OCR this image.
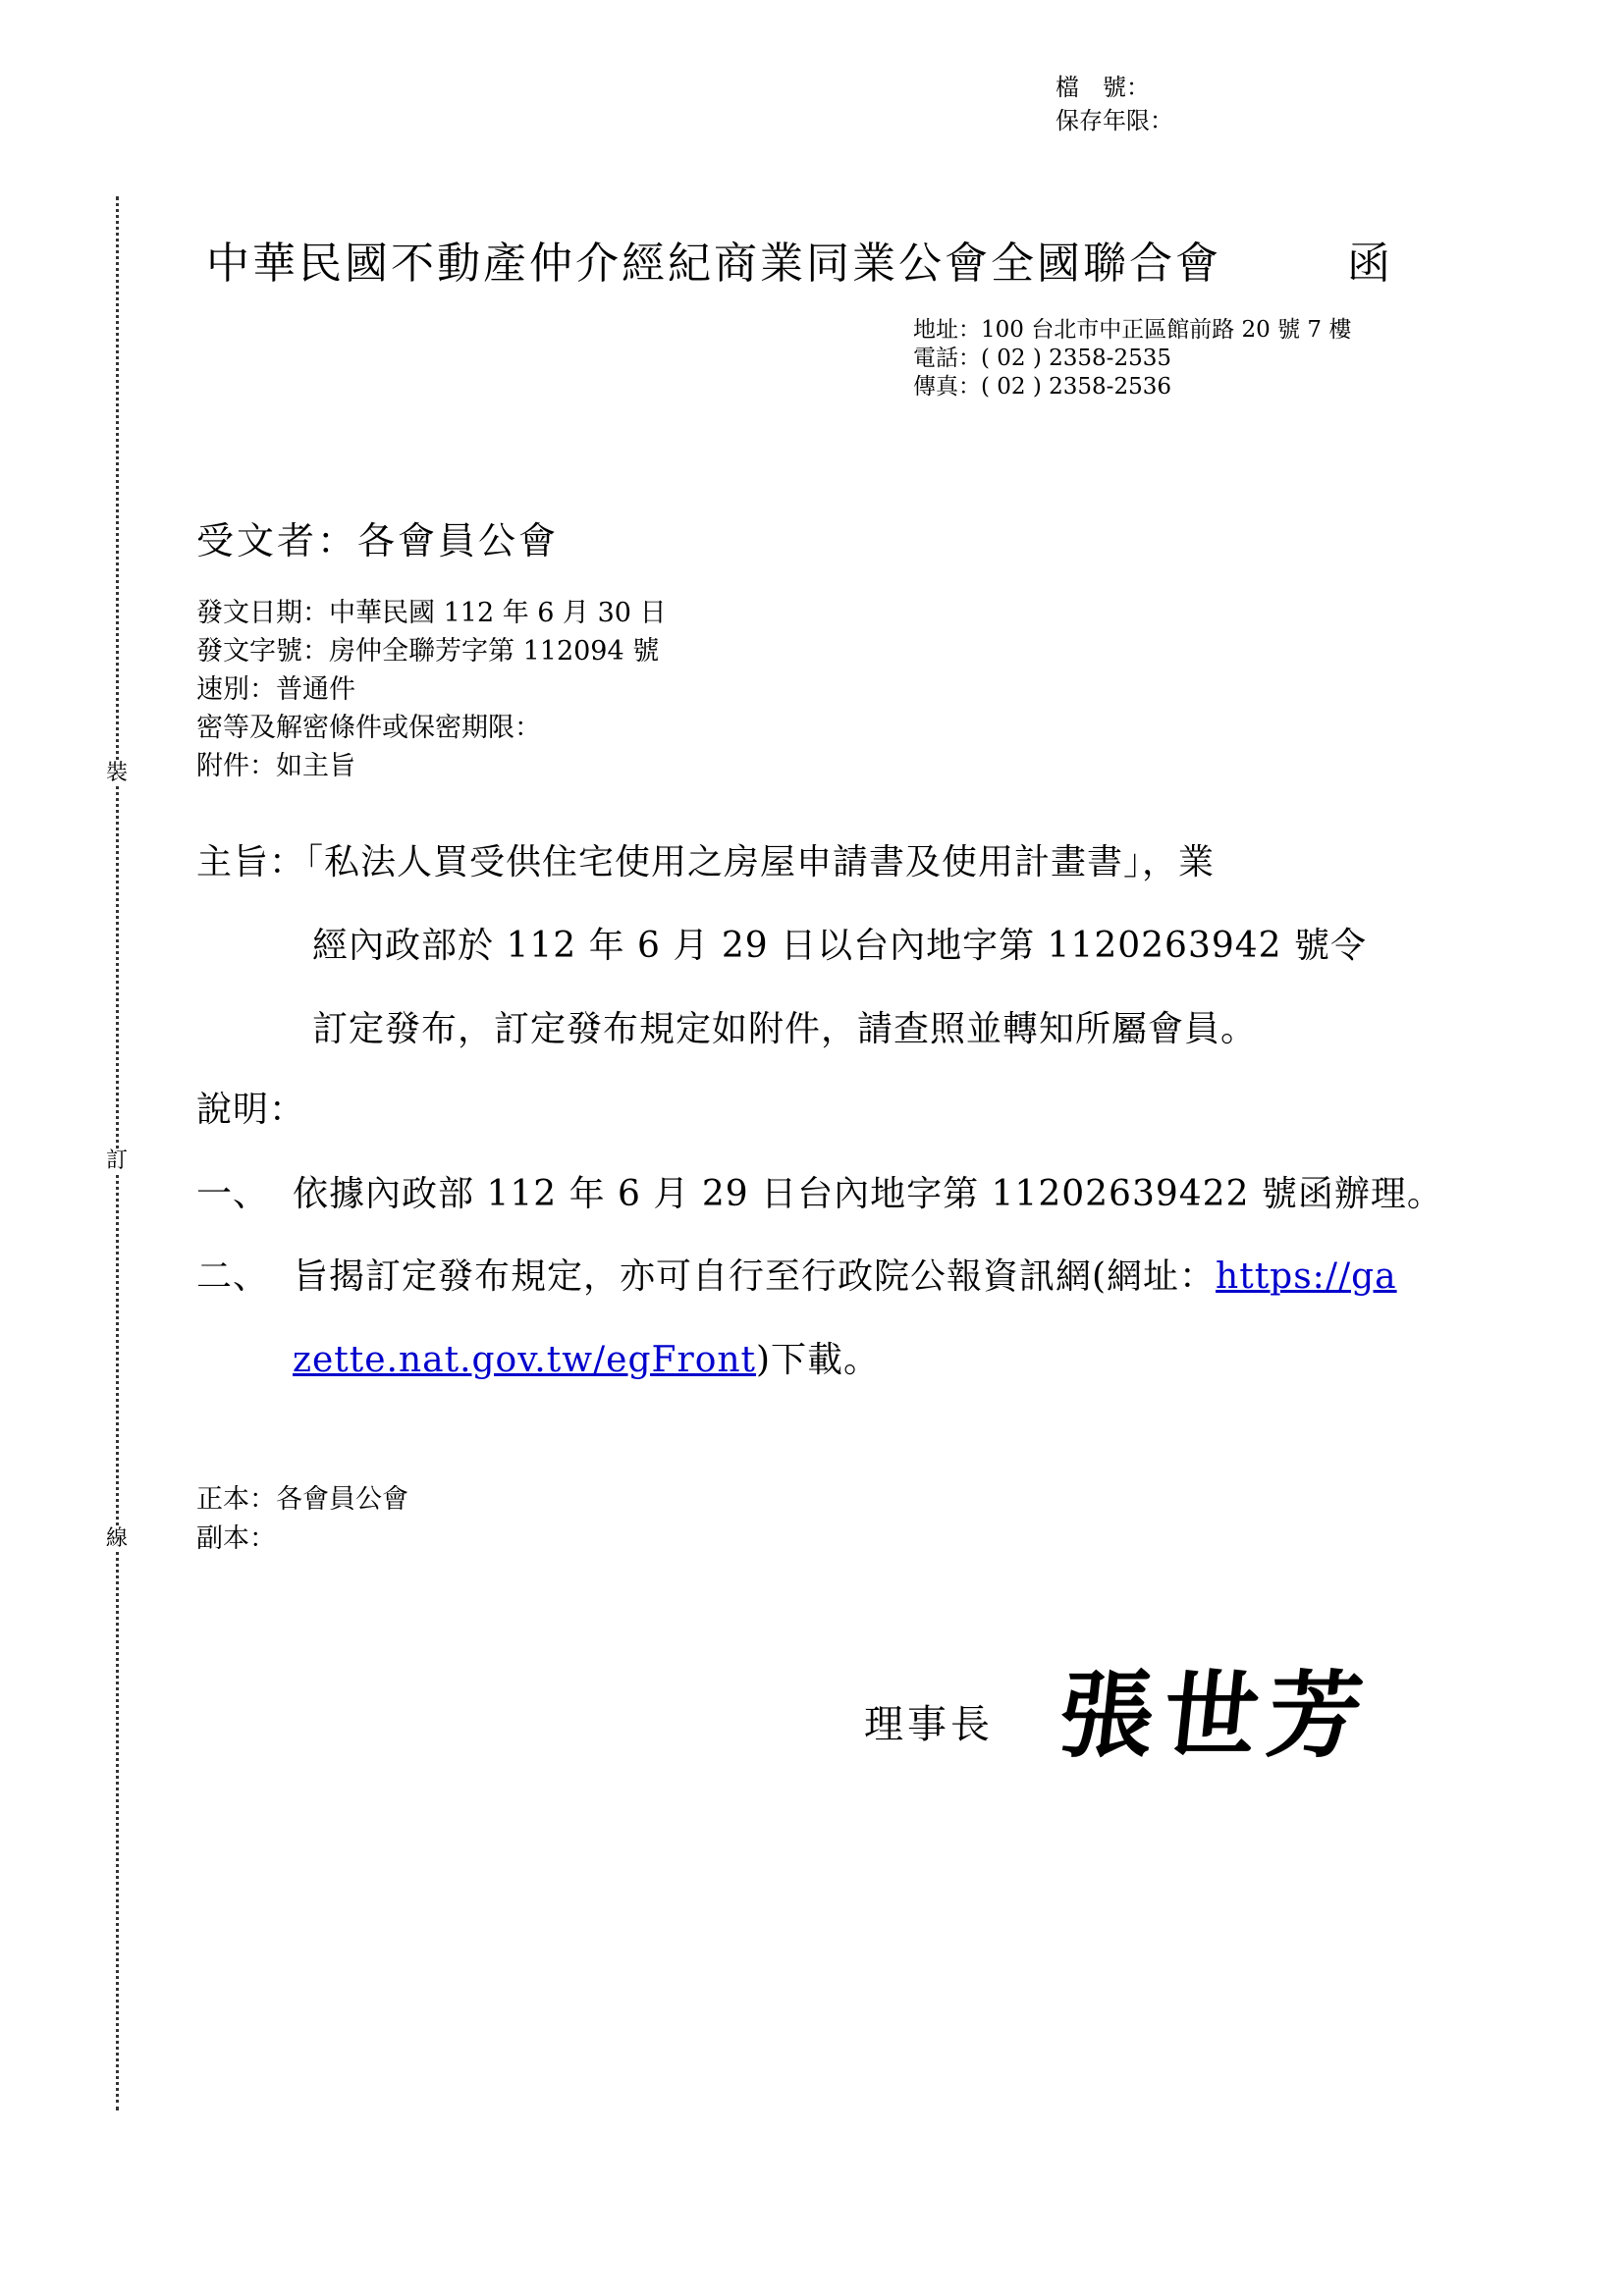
檔　號：
保存年限：
裝
訂
線
中華民國不動產仲介經紀商業同業公會全國聯合會	函
地址：100 台北市中正區館前路 20 號 7 樓
電話：( 02 ) 2358-2535
傳真：( 02 ) 2358-2536
受文者：各會員公會
發文日期：中華民國 112 年 6 月 30 日
發文字號：房仲全聯芳字第 112094 號
速別：普通件
密等及解密條件或保密期限：
附件：如主旨
主旨：「私法人買受供住宅使用之房屋申請書及使用計畫書」，業
經內政部於 112 年 6 月 29 日以台內地字第 1120263942 號令
訂定發布，訂定發布規定如附件，請查照並轉知所屬會員。
說明：
一、 依據內政部 112 年 6 月 29 日台內地字第 11202639422 號函辦理。
二、 旨揭訂定發布規定，亦可自行至行政院公報資訊網(網址：https://ga
zette.nat.gov.tw/egFront)下載。
正本：各會員公會
副本：
理事長 張世芳
